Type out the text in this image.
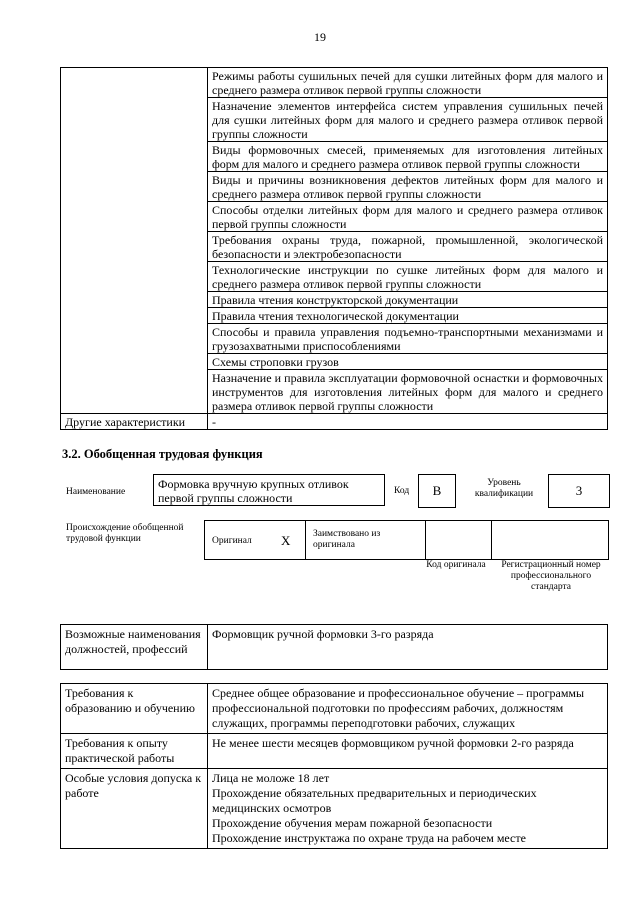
19
	Режимы работы сушильных печей для сушки литейных форм для малого и среднего размера отливок первой группы сложности
	Назначение элементов интерфейса систем управления сушильных печей для сушки литейных форм для малого и среднего размера отливок первой группы сложности
	Виды формовочных смесей, применяемых для изготовления литейных форм для малого и среднего размера отливок первой группы сложности
	Виды и причины возникновения дефектов литейных форм для малого и среднего размера отливок первой группы сложности
	Способы отделки литейных форм для малого и среднего размера отливок первой группы сложности
	Требования охраны труда, пожарной, промышленной, экологической безопасности и электробезопасности
	Технологические инструкции по сушке литейных форм для малого и среднего размера отливок первой группы сложности
	Правила чтения конструкторской документации
	Правила чтения технологической документации
	Способы и правила управления подъемно-транспортными механизмами и грузозахватными приспособлениями
	Схемы строповки грузов
	Назначение и правила эксплуатации формовочной оснастки и формовочных инструментов для изготовления литейных форм для малого и среднего размера отливок первой группы сложности
Другие характеристики	-
3.2. Обобщенная трудовая функция
Наименование
Формовка вручную крупных отливок первой группы сложности	Код	В	Уровень квалификации	3
Происхождение обобщенной трудовой функции	Оригинал X Заимствовано из оригинала
Код оригинала	Регистрационный номер профессионального стандарта
Возможные наименования должностей, профессий	Формовщик ручной формовки 3-го разряда
Требования к образованию и обучению	Среднее общее образование и профессиональное обучение – программы профессиональной подготовки по профессиям рабочих, должностям служащих, программы переподготовки рабочих, служащих
Требования к опыту практической работы	Не менее шести месяцев формовщиком ручной формовки 2-го разряда
Особые условия допуска к работе	Лица не моложе 18 лет
Прохождение обязательных предварительных и периодических медицинских осмотров
Прохождение обучения мерам пожарной безопасности
Прохождение инструктажа по охране труда на рабочем месте
